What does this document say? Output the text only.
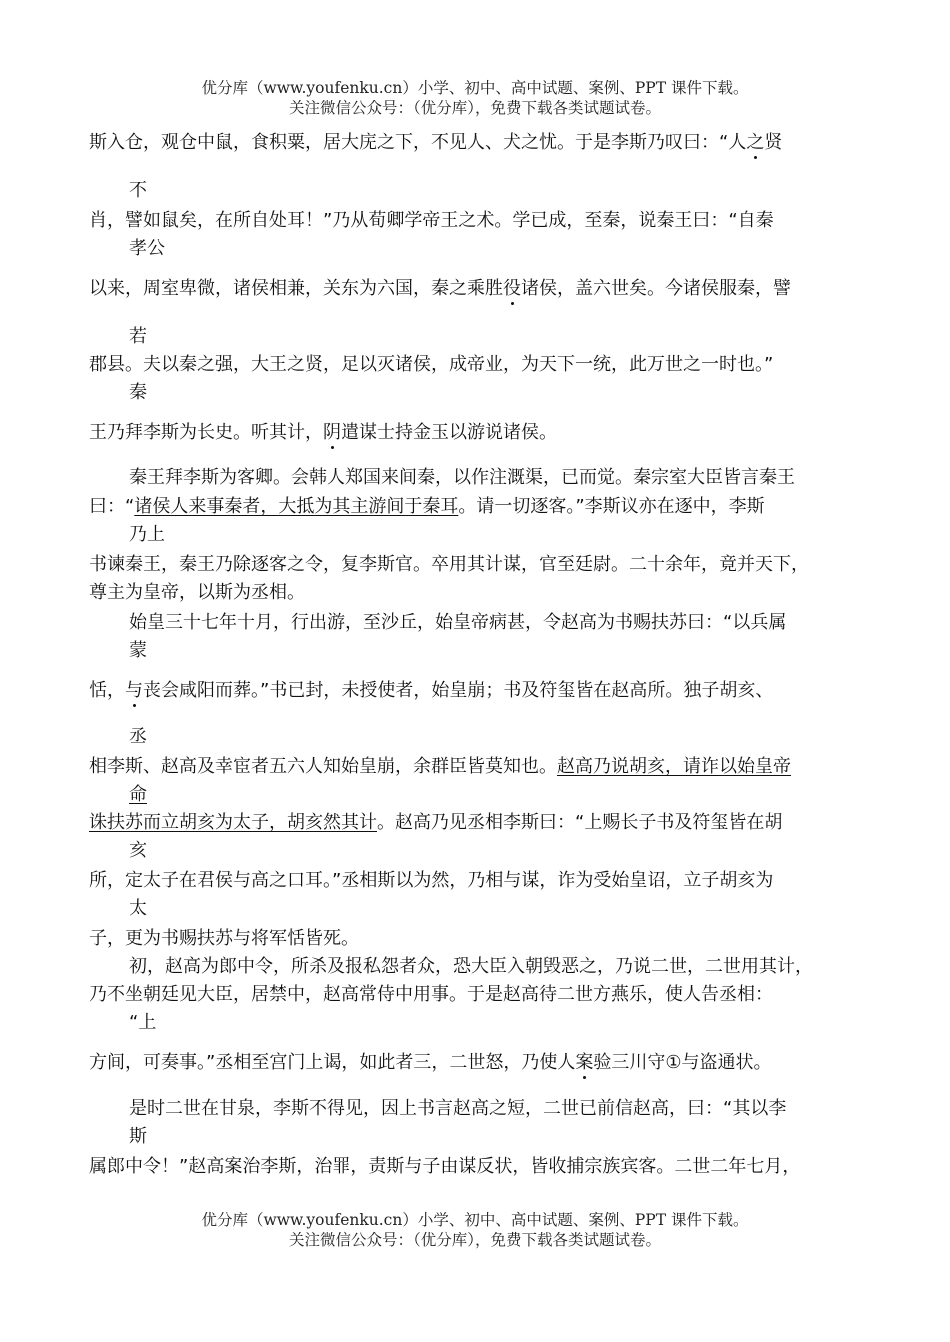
优分库（www.youfenku.cn）小学、初中、高中试题、案例、PPT 课件下载。
关注微信公众号：（优分库），免费下载各类试题试卷。
斯入仓，观仓中鼠，食积粟，居大庑之下，不见人、犬之忧。于是李斯乃叹曰：“人之贤
不
肖，譬如鼠矣，在所自处耳！”乃从荀卿学帝王之术。学已成，至秦，说秦王曰：“自秦
孝公
以来，周室卑微，诸侯相兼，关东为六国，秦之乘胜役诸侯，盖六世矣。今诸侯服秦，譬
若
郡县。夫以秦之强，大王之贤，足以灭诸侯，成帝业，为天下一统，此万世之一时也。”
秦
王乃拜李斯为长史。听其计，阴遣谋士持金玉以游说诸侯。
秦王拜李斯为客卿。会韩人郑国来间秦，以作注溉渠，已而觉。秦宗室大臣皆言秦王
曰：“诸侯人来事秦者，大抵为其主游间于秦耳。请一切逐客。”李斯议亦在逐中，李斯
乃上
书谏秦王，秦王乃除逐客之令，复李斯官。卒用其计谋，官至廷尉。二十余年，竟并天下，
尊主为皇帝，以斯为丞相。
始皇三十七年十月，行出游，至沙丘，始皇帝病甚，令赵高为书赐扶苏曰：“以兵属
蒙
恬，与丧会咸阳而葬。”书已封，未授使者，始皇崩；书及符玺皆在赵高所。独子胡亥、
丞
相李斯、赵高及幸宦者五六人知始皇崩，余群臣皆莫知也。赵高乃说胡亥，请诈以始皇帝
命
诛扶苏而立胡亥为太子，胡亥然其计。赵高乃见丞相李斯曰：“上赐长子书及符玺皆在胡
亥
所，定太子在君侯与高之口耳。”丞相斯以为然，乃相与谋，诈为受始皇诏，立子胡亥为
太
子，更为书赐扶苏与将军恬皆死。
初，赵高为郎中令，所杀及报私怨者众，恐大臣入朝毁恶之，乃说二世，二世用其计，
乃不坐朝廷见大臣，居禁中，赵高常侍中用事。于是赵高待二世方燕乐，使人告丞相：
“上
方间，可奏事。”丞相至宫门上谒，如此者三，二世怒，乃使人案验三川守①与盗通状。
是时二世在甘泉，李斯不得见，因上书言赵高之短，二世已前信赵高，曰：“其以李
斯
属郎中令！”赵高案治李斯，治罪，责斯与子由谋反状，皆收捕宗族宾客。二世二年七月，
优分库（www.youfenku.cn）小学、初中、高中试题、案例、PPT 课件下载。
关注微信公众号：（优分库），免费下载各类试题试卷。
